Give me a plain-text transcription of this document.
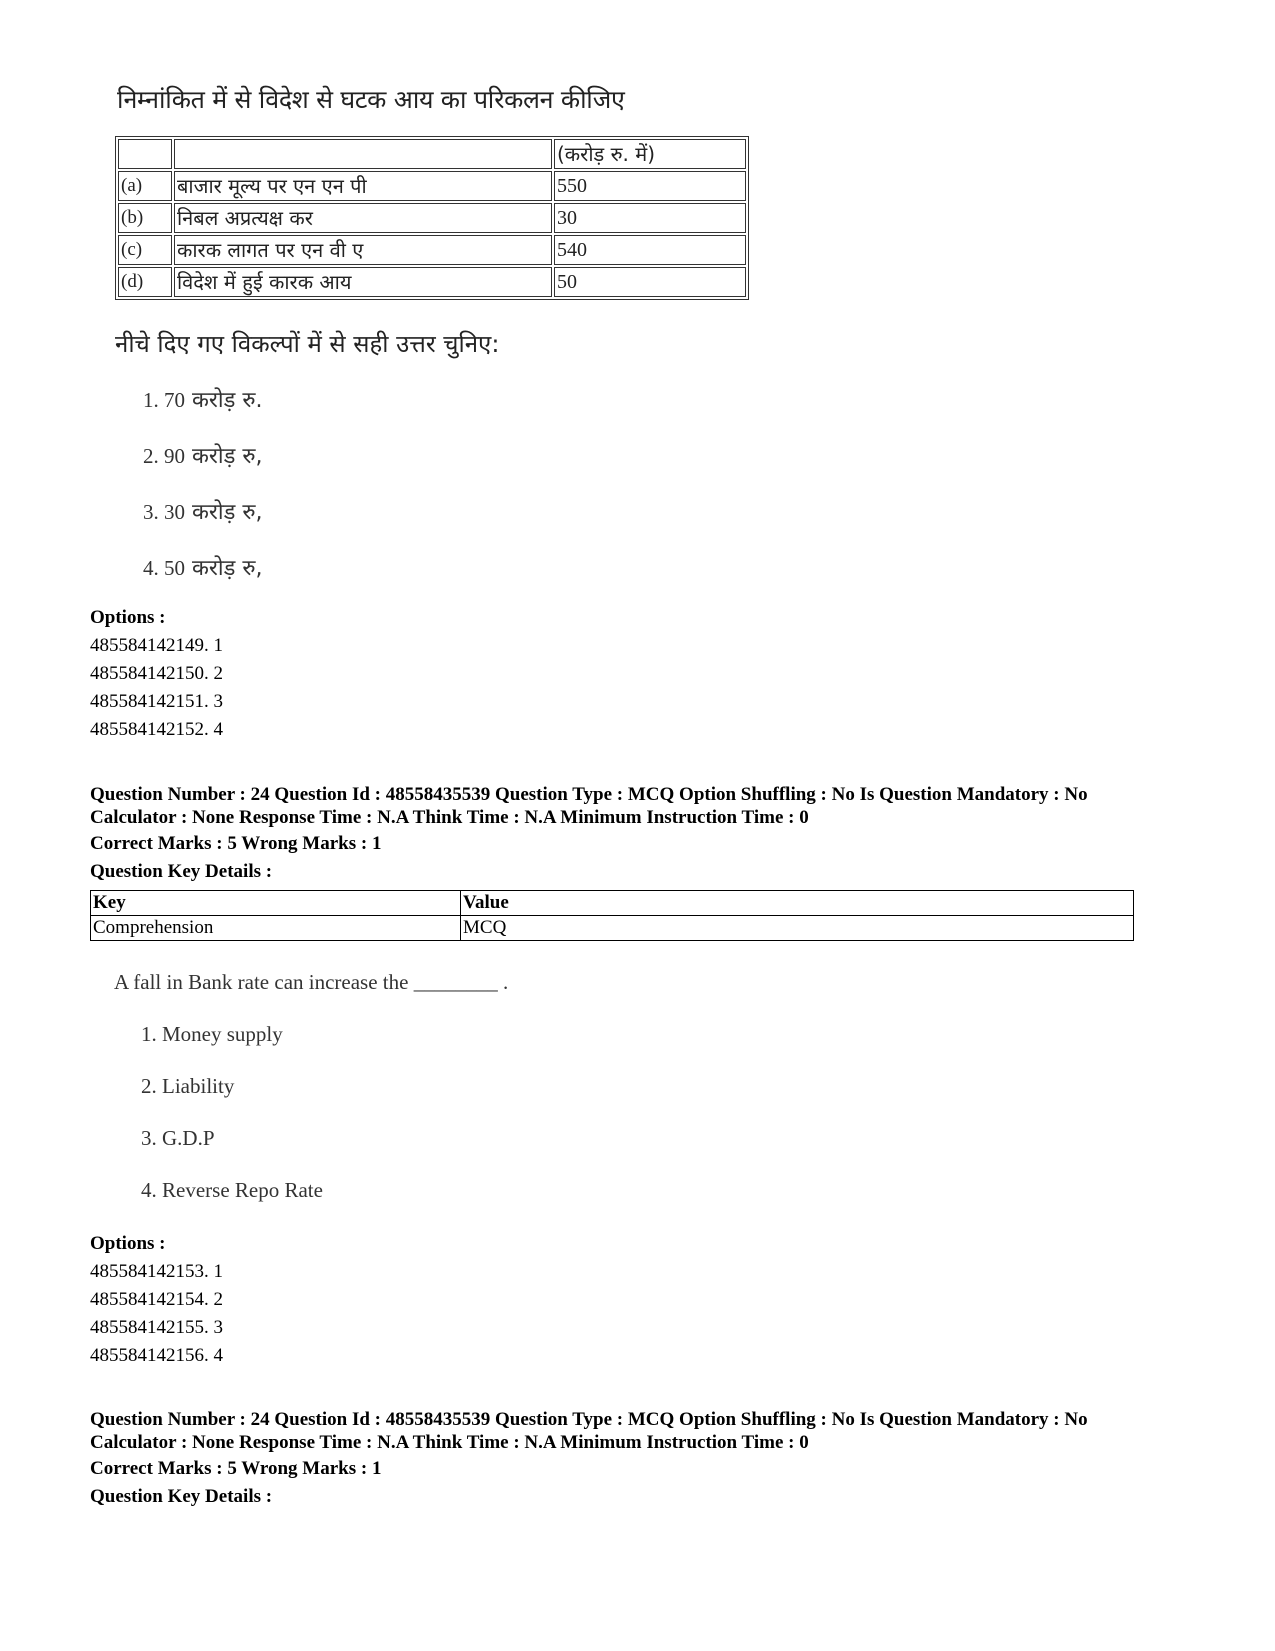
निम्नांकित में से विदेश से घटक आय का परिकलन कीजिए
		(करोड़ रु. में)
(a)	बाजार मूल्य पर एन एन पी	550
(b)	निबल अप्रत्यक्ष कर	30
(c)	कारक लागत पर एन वी ए	540
(d)	विदेश में हुई कारक आय	50
नीचे दिए गए विकल्पों में से सही उत्तर चुनिए:
1. 70 करोड़ रु.
2. 90 करोड़ रु,
3. 30 करोड़ रु,
4. 50 करोड़ रु,
Options :
485584142149. 1
485584142150. 2
485584142151. 3
485584142152. 4
Question Number : 24 Question Id : 48558435539 Question Type : MCQ Option Shuffling : No Is Question Mandatory : No Calculator : None Response Time : N.A Think Time : N.A Minimum Instruction Time : 0
Correct Marks : 5 Wrong Marks : 1
Question Key Details :
Key	Value
Comprehension	MCQ
A fall in Bank rate can increase the ________ .
1. Money supply
2. Liability
3. G.D.P
4. Reverse Repo Rate
Options :
485584142153. 1
485584142154. 2
485584142155. 3
485584142156. 4
Question Number : 24 Question Id : 48558435539 Question Type : MCQ Option Shuffling : No Is Question Mandatory : No Calculator : None Response Time : N.A Think Time : N.A Minimum Instruction Time : 0
Correct Marks : 5 Wrong Marks : 1
Question Key Details :
